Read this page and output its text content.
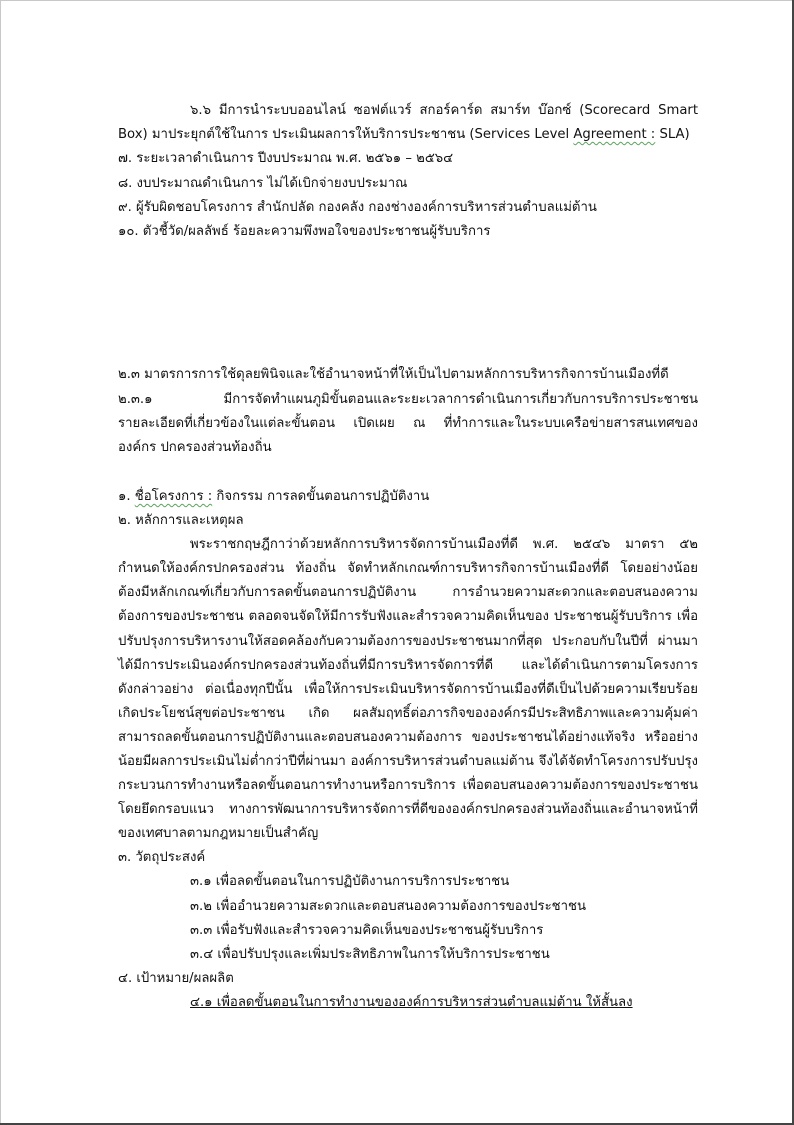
๖.๖ มีการนำระบบออนไลน์ ซอฟต์แวร์ สกอร์คาร์ด สมาร์ท บ๊อกซ์ (Scorecard Smart
Box) มาประยุกต์ใช้ในการ ประเมินผลการให้บริการประชาชน (Services Level Agreement : SLA)
๗. ระยะเวลาดำเนินการ ปีงบประมาณ พ.ศ. ๒๕๖๑ – ๒๕๖๔
๘. งบประมาณดำเนินการ ไม่ได้เบิกจ่ายงบประมาณ
๙. ผู้รับผิดชอบโครงการ สำนักปลัด กองคลัง กองช่างองค์การบริหารส่วนตำบลแม่ต้าน
๑๐. ตัวชี้วัด/ผลลัพธ์ ร้อยละความพึงพอใจของประชาชนผู้รับบริการ
๒.๓ มาตรการการใช้ดุลยพินิจและใช้อำนาจหน้าที่ให้เป็นไปตามหลักการบริหารกิจการบ้านเมืองที่ดี
๒.๓.๑ มีการจัดทำแผนภูมิขั้นตอนและระยะเวลาการดำเนินการเกี่ยวกับการบริการประชาชน
รายละเอียดที่เกี่ยวข้องในแต่ละขั้นตอน เปิดเผย ณ ที่ทำการและในระบบเครือข่ายสารสนเทศของ
องค์กร ปกครองส่วนท้องถิ่น
๑. ชื่อโครงการ : กิจกรรม การลดขั้นตอนการปฏิบัติงาน
๒. หลักการและเหตุผล
พระราชกฤษฎีกาว่าด้วยหลักการบริหารจัดการบ้านเมืองที่ดี พ.ศ. ๒๕๔๖ มาตรา ๕๒
กำหนดให้องค์กรปกครองส่วน ท้องถิ่น จัดทำหลักเกณฑ์การบริหารกิจการบ้านเมืองที่ดี โดยอย่างน้อย
ต้องมีหลักเกณฑ์เกี่ยวกับการลดขั้นตอนการปฏิบัติงาน การอำนวยความสะดวกและตอบสนองความ
ต้องการของประชาชน ตลอดจนจัดให้มีการรับฟังและสำรวจความคิดเห็นของ ประชาชนผู้รับบริการ เพื่อ
ปรับปรุงการบริหารงานให้สอดคล้องกับความต้องการของประชาชนมากที่สุด ประกอบกับในปีที่ ผ่านมา
ได้มีการประเมินองค์กรปกครองส่วนท้องถิ่นที่มีการบริหารจัดการที่ดี และได้ดำเนินการตามโครงการ
ดังกล่าวอย่าง ต่อเนื่องทุกปีนั้น เพื่อให้การประเมินบริหารจัดการบ้านเมืองที่ดีเป็นไปด้วยความเรียบร้อย
เกิดประโยชน์สุขต่อประชาชน เกิด ผลสัมฤทธิ์ต่อภารกิจขององค์กรมีประสิทธิภาพและความคุ้มค่า
สามารถลดขั้นตอนการปฏิบัติงานและตอบสนองความต้องการ ของประชาชนได้อย่างแท้จริง หรืออย่าง
น้อยมีผลการประเมินไม่ต่ำกว่าปีที่ผ่านมา องค์การบริหารส่วนตำบลแม่ต้าน จึงได้จัดทำโครงการปรับปรุง
กระบวนการทำงานหรือลดขั้นตอนการทำงานหรือการบริการ เพื่อตอบสนองความต้องการของประชาชน
โดยยึดกรอบแนว ทางการพัฒนาการบริหารจัดการที่ดีขององค์กรปกครองส่วนท้องถิ่นและอำนาจหน้าที่
ของเทศบาลตามกฎหมายเป็นสำคัญ
๓. วัตถุประสงค์
๓.๑ เพื่อลดขั้นตอนในการปฏิบัติงานการบริการประชาชน
๓.๒ เพื่ออำนวยความสะดวกและตอบสนองความต้องการของประชาชน
๓.๓ เพื่อรับฟังและสำรวจความคิดเห็นของประชาชนผู้รับบริการ
๓.๔ เพื่อปรับปรุงและเพิ่มประสิทธิภาพในการให้บริการประชาชน
๔. เป้าหมาย/ผลผลิต
๔.๑ เพื่อลดขั้นตอนในการทำงานขององค์การบริหารส่วนตำบลแม่ต้าน ให้สั้นลง
